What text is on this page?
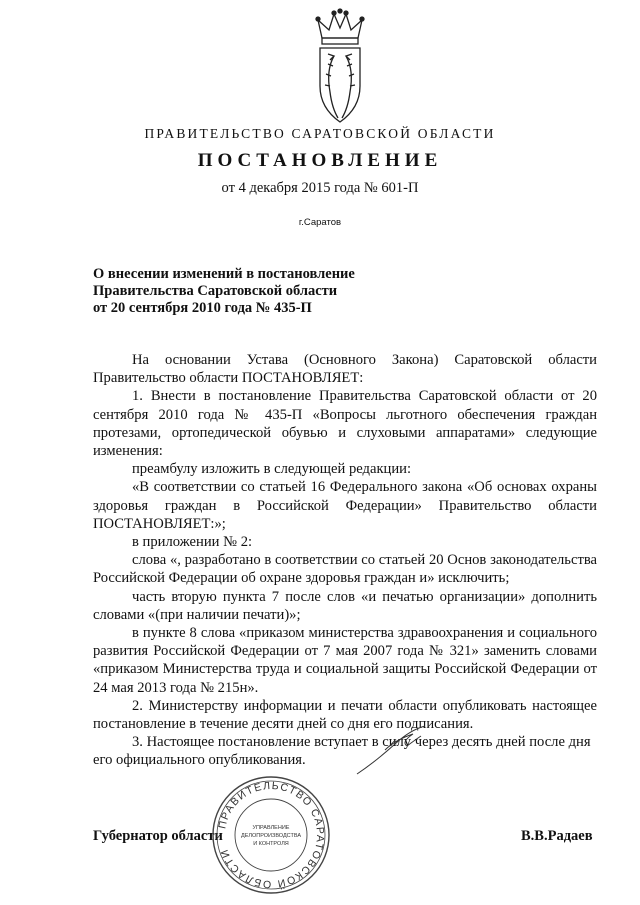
ПРАВИТЕЛЬСТВО САРАТОВСКОЙ ОБЛАСТИ
ПОСТАНОВЛЕНИЕ
от 4 декабря 2015 года № 601-П
г.Саратов
О внесении изменений в постановление
Правительства Саратовской области
от 20 сентября 2010 года № 435-П

На основании Устава (Основного Закона) Саратовской области Правительство области ПОСТАНОВЛЯЕТ:

1. Внести в постановление Правительства Саратовской области от 20 сентября 2010 года № 435-П «Вопросы льготного обеспечения граждан протезами, ортопедической обувью и слуховыми аппаратами» следующие изменения:

преамбулу изложить в следующей редакции:

«В соответствии со статьей 16 Федерального закона «Об основах охраны здоровья граждан в Российской Федерации» Правительство области ПОСТАНОВЛЯЕТ:»;

в приложении № 2:

слова «, разработано в соответствии со статьей 20 Основ законодательства Российской Федерации об охране здоровья граждан и» исключить;

часть вторую пункта 7 после слов «и печатью организации» дополнить словами «(при наличии печати)»;

в пункте 8 слова «приказом министерства здравоохранения и социального развития Российской Федерации от 7 мая 2007 года № 321» заменить словами «приказом Министерства труда и социальной защиты Российской Федерации от 24 мая 2013 года № 215н».

2. Министерству информации и печати области опубликовать настоящее постановление в течение десяти дней со дня его подписания.

3. Настоящее постановление вступает в силу через десять дней после дня его официального опубликования.

Губернатор области	В.В.Радаев
ПРАВИТЕЛЬСТВО САРАТОВСКОЙ ОБЛАСТИ
УПРАВЛЕНИЕ
ДЕЛОПРОИЗВОДСТВА
И КОНТРОЛЯ
